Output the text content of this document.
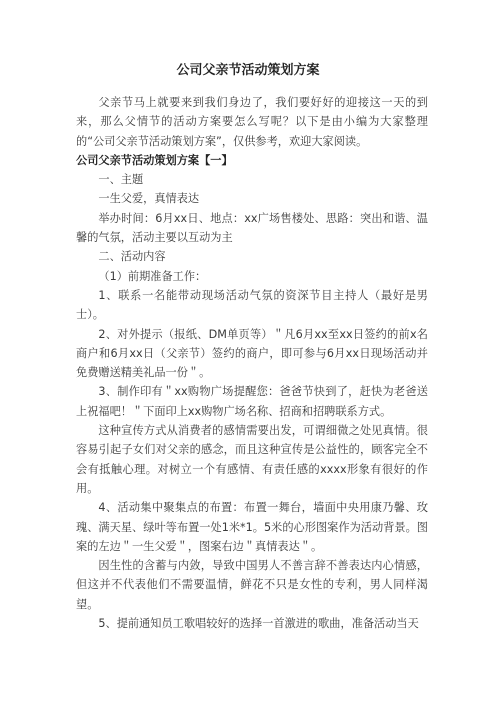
公司父亲节活动策划方案

父亲节马上就要来到我们身边了，我们要好好的迎接这一天的到来，那么父情节的活动方案要怎么写呢？以下是由小编为大家整理的“公司父亲节活动策划方案”，仅供参考，欢迎大家阅读。

公司父亲节活动策划方案【一】

一、主题

一生父爱，真情表达

举办时间：6月xx日、地点：xx广场售楼处、思路：突出和谐、温馨的气氛，活动主要以互动为主

二、活动内容

（1）前期准备工作：

1、联系一名能带动现场活动气氛的资深节目主持人（最好是男士）。

2、对外提示（报纸、DM单页等）＂凡6月xx至xx日签约的前x名商户和6月xx日（父亲节）签约的商户，即可参与6月xx日现场活动并免费赠送精美礼品一份＂。

3、制作印有＂xx购物广场提醒您：爸爸节快到了，赶快为老爸送上祝福吧！＂下面印上xx购物广场名称、招商和招聘联系方式。

这种宣传方式从消费者的感情需要出发，可谓细微之处见真情。很容易引起子女们对父亲的感念，而且这种宣传是公益性的，顾客完全不会有抵触心理。对树立一个有感情、有责任感的xxxx形象有很好的作用。

4、活动集中聚集点的布置：布置一舞台，墙面中央用康乃馨、玫瑰、满天星、绿叶等布置一处1米*1。5米的心形图案作为活动背景。图案的左边＂一生父爱＂，图案右边＂真情表达＂。

因生性的含蓄与内敛，导致中国男人不善言辞不善表达内心情感，但这并不代表他们不需要温情，鲜花不只是女性的专利，男人同样渴望。

5、提前通知员工歌唱较好的选择一首激进的歌曲，准备活动当天
